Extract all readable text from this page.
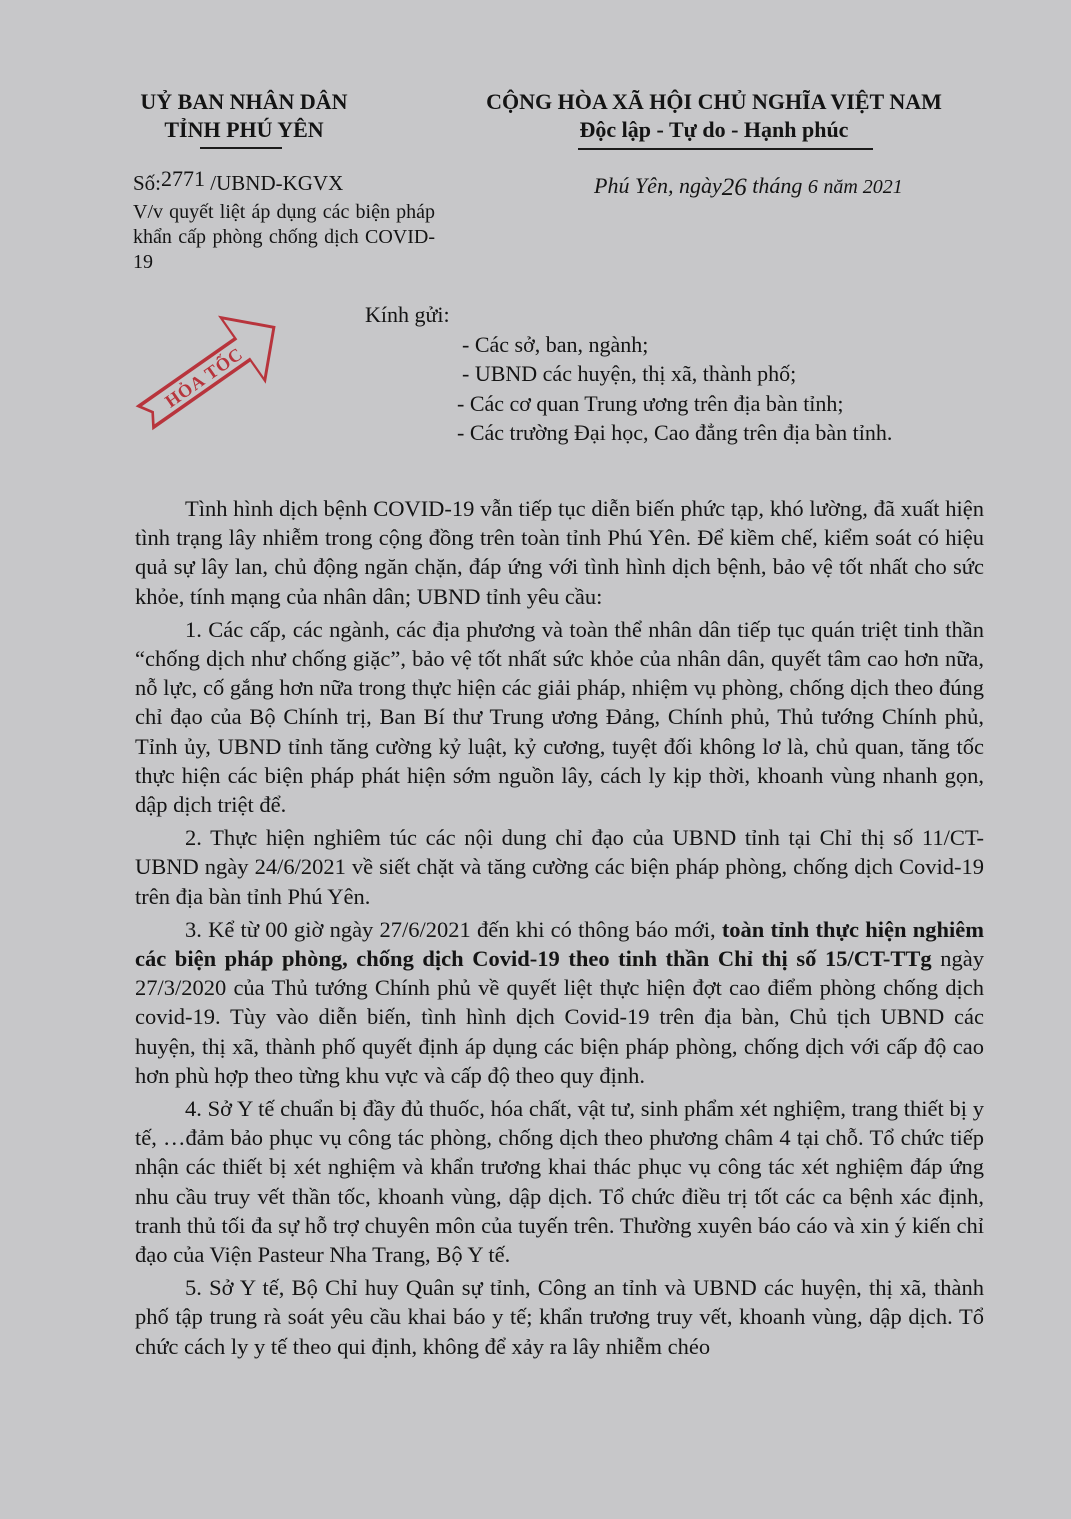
UỶ BAN NHÂN DÂN
TỈNH PHÚ YÊN
CỘNG HÒA XÃ HỘI CHỦ NGHĨA VIỆT NAM
Độc lập - Tự do - Hạnh phúc
Số:2771 /UBND-KGVX
V/v quyết liệt áp dụng các biện pháp khẩn cấp phòng chống dịch COVID-19
Phú Yên, ngày26 tháng 6 năm 2021
HỎA TỐC
Kính gửi:
- Các sở, ban, ngành;
- UBND các huyện, thị xã, thành phố;
- Các cơ quan Trung ương trên địa bàn tỉnh;
- Các trường Đại học, Cao đẳng trên địa bàn tỉnh.

Tình hình dịch bệnh COVID-19 vẫn tiếp tục diễn biến phức tạp, khó lường, đã xuất hiện tình trạng lây nhiễm trong cộng đồng trên toàn tỉnh Phú Yên. Để kiềm chế, kiểm soát có hiệu quả sự lây lan, chủ động ngăn chặn, đáp ứng với tình hình dịch bệnh, bảo vệ tốt nhất cho sức khỏe, tính mạng của nhân dân; UBND tỉnh yêu cầu:

1. Các cấp, các ngành, các địa phương và toàn thể nhân dân tiếp tục quán triệt tinh thần “chống dịch như chống giặc”, bảo vệ tốt nhất sức khỏe của nhân dân, quyết tâm cao hơn nữa, nỗ lực, cố gắng hơn nữa trong thực hiện các giải pháp, nhiệm vụ phòng, chống dịch theo đúng chỉ đạo của Bộ Chính trị, Ban Bí thư Trung ương Đảng, Chính phủ, Thủ tướng Chính phủ, Tỉnh ủy, UBND tỉnh tăng cường kỷ luật, kỷ cương, tuyệt đối không lơ là, chủ quan, tăng tốc thực hiện các biện pháp phát hiện sớm nguồn lây, cách ly kịp thời, khoanh vùng nhanh gọn, dập dịch triệt để.

2. Thực hiện nghiêm túc các nội dung chỉ đạo của UBND tỉnh tại Chỉ thị số 11/CT-UBND ngày 24/6/2021 về siết chặt và tăng cường các biện pháp phòng, chống dịch Covid-19 trên địa bàn tỉnh Phú Yên.

3. Kể từ 00 giờ ngày 27/6/2021 đến khi có thông báo mới, toàn tỉnh thực hiện nghiêm các biện pháp phòng, chống dịch Covid-19 theo tinh thần Chỉ thị số 15/CT-TTg ngày 27/3/2020 của Thủ tướng Chính phủ về quyết liệt thực hiện đợt cao điểm phòng chống dịch covid-19. Tùy vào diễn biến, tình hình dịch Covid-19 trên địa bàn, Chủ tịch UBND các huyện, thị xã, thành phố quyết định áp dụng các biện pháp phòng, chống dịch với cấp độ cao hơn phù hợp theo từng khu vực và cấp độ theo quy định.

4. Sở Y tế chuẩn bị đầy đủ thuốc, hóa chất, vật tư, sinh phẩm xét nghiệm, trang thiết bị y tế, …đảm bảo phục vụ công tác phòng, chống dịch theo phương châm 4 tại chỗ. Tổ chức tiếp nhận các thiết bị xét nghiệm và khẩn trương khai thác phục vụ công tác xét nghiệm đáp ứng nhu cầu truy vết thần tốc, khoanh vùng, dập dịch. Tổ chức điều trị tốt các ca bệnh xác định, tranh thủ tối đa sự hỗ trợ chuyên môn của tuyến trên. Thường xuyên báo cáo và xin ý kiến chỉ đạo của Viện Pasteur Nha Trang, Bộ Y tế.

5. Sở Y tế, Bộ Chỉ huy Quân sự tỉnh, Công an tỉnh và UBND các huyện, thị xã, thành phố tập trung rà soát yêu cầu khai báo y tế; khẩn trương truy vết, khoanh vùng, dập dịch. Tổ chức cách ly y tế theo qui định, không để xảy ra lây nhiễm chéo
